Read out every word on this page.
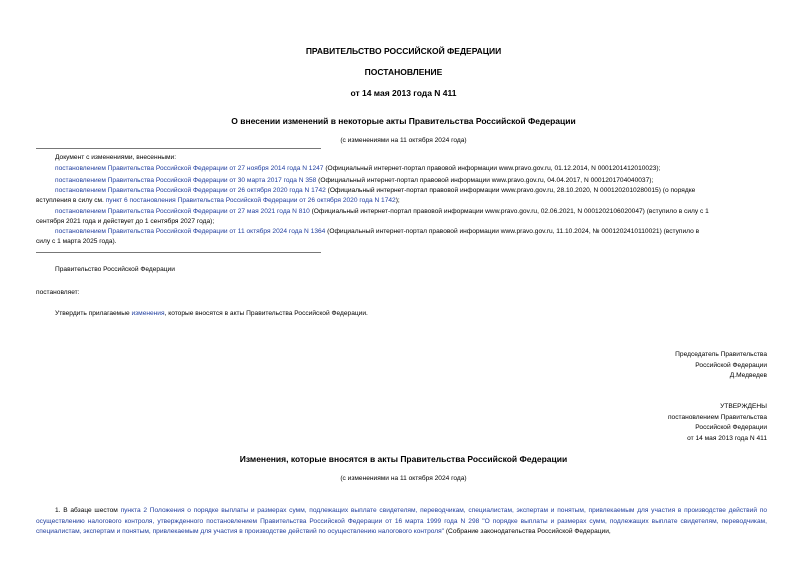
ПРАВИТЕЛЬСТВО РОССИЙСКОЙ ФЕДЕРАЦИИ
ПОСТАНОВЛЕНИЕ
от 14 мая 2013 года N 411
О внесении изменений в некоторые акты Правительства Российской Федерации
(с изменениями на 11 октября 2024 года)
Документ с изменениями, внесенными:
постановлением Правительства Российской Федерации от 27 ноября 2014 года N 1247 (Официальный интернет-портал правовой информации www.pravo.gov.ru, 01.12.2014, N 0001201412010023);
постановлением Правительства Российской Федерации от 30 марта 2017 года N 358 (Официальный интернет-портал правовой информации www.pravo.gov.ru, 04.04.2017, N 0001201704040037);
постановлением Правительства Российской Федерации от 26 октября 2020 года N 1742 (Официальный интернет-портал правовой информации www.pravo.gov.ru, 28.10.2020, N 0001202010280015) (о порядке
вступления в силу см. пункт 6 постановления Правительства Российской Федерации от 26 октября 2020 года N 1742);
постановлением Правительства Российской Федерации от 27 мая 2021 года N 810 (Официальный интернет-портал правовой информации www.pravo.gov.ru, 02.06.2021, N 0001202106020047) (вступило в силу с 1
сентября 2021 года и действует до 1 сентября 2027 года);
постановлением Правительства Российской Федерации от 11 октября 2024 года N 1364 (Официальный интернет-портал правовой информации www.pravo.gov.ru, 11.10.2024, № 0001202410110021) (вступило в
силу с 1 марта 2025 года).
Правительство Российской Федерации
постановляет:
Утвердить прилагаемые изменения, которые вносятся в акты Правительства Российской Федерации.
Председатель Правительства
Российской Федерации
Д.Медведев
УТВЕРЖДЕНЫ
постановлением Правительства
Российской Федерации
от 14 мая 2013 года N 411
Изменения, которые вносятся в акты Правительства Российской Федерации
(с изменениями на 11 октября 2024 года)
1. В абзаце шестом пункта 2 Положения о порядке выплаты и размерах сумм, подлежащих выплате свидетелям, переводчикам, специалистам, экспертам и понятым, привлекаемым для участия в производстве действий по осуществлению налогового контроля, утвержденного постановлением Правительства Российской Федерации от 16 марта 1999 года N 298 "О порядке выплаты и размерах сумм, подлежащих выплате свидетелям, переводчикам, специалистам, экспертам и понятым, привлекаемым для участия в производстве действий по осуществлению налогового контроля" (Собрание законодательства Российской Федерации,
